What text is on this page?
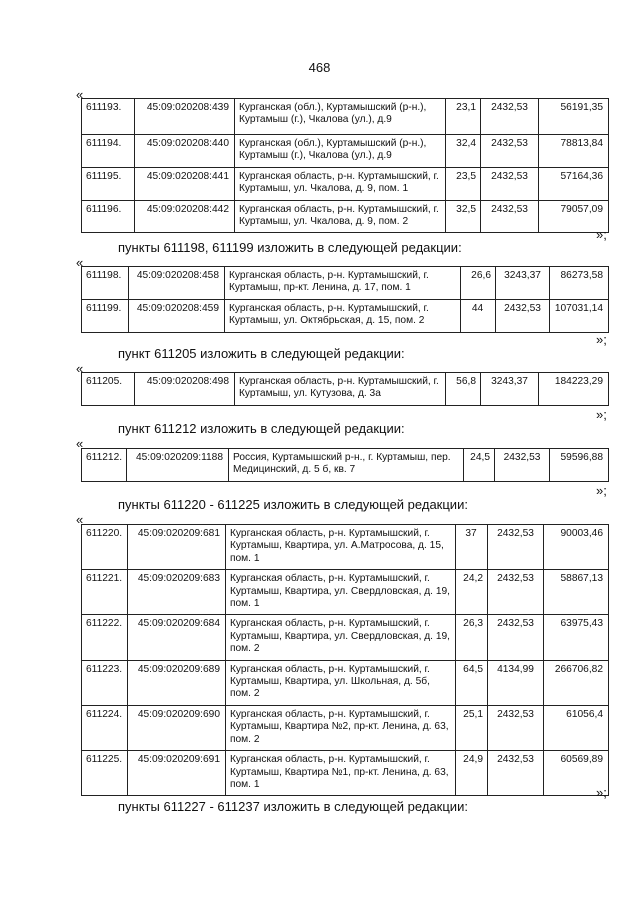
468
«
611193.	45:09:020208:439	Курганская (обл.), Куртамышский (р-н.), Куртамыш (г.), Чкалова (ул.), д.9	23,1	2432,53	56191,35
611194.	45:09:020208:440	Курганская (обл.), Куртамышский (р-н.), Куртамыш (г.), Чкалова (ул.), д.9	32,4	2432,53	78813,84
611195.	45:09:020208:441	Курганская область, р-н. Куртамышский, г. Куртамыш, ул. Чкалова, д. 9, пом. 1	23,5	2432,53	57164,36
611196.	45:09:020208:442	Курганская область, р-н. Куртамышский, г. Куртамыш, ул. Чкалова, д. 9, пом. 2	32,5	2432,53	79057,09
»;
пункты 611198, 611199 изложить в следующей редакции:
«
611198.	45:09:020208:458	Курганская область, р-н. Куртамышский, г. Куртамыш, пр-кт. Ленина, д. 17, пом. 1	26,6	3243,37	86273,58
611199.	45:09:020208:459	Курганская область, р-н. Куртамышский, г. Куртамыш, ул. Октябрьская, д. 15, пом. 2	44	2432,53	107031,14
»;
пункт 611205 изложить в следующей редакции:
«
611205.	45:09:020208:498	Курганская область, р-н. Куртамышский, г. Куртамыш, ул. Кутузова, д. 3а	56,8	3243,37	184223,29
»;
пункт 611212 изложить в следующей редакции:
«
611212.	45:09:020209:1188	Россия, Куртамышский р-н., г. Куртамыш, пер. Медицинский, д. 5 б, кв. 7	24,5	2432,53	59596,88
»;
пункты 611220 - 611225 изложить в следующей редакции:
«
611220.	45:09:020209:681	Курганская область, р-н. Куртамышский, г. Куртамыш, Квартира, ул. А.Матросова, д. 15, пом. 1	37	2432,53	90003,46
611221.	45:09:020209:683	Курганская область, р-н. Куртамышский, г. Куртамыш, Квартира, ул. Свердловская, д. 19, пом. 1	24,2	2432,53	58867,13
611222.	45:09:020209:684	Курганская область, р-н. Куртамышский, г. Куртамыш, Квартира, ул. Свердловская, д. 19, пом. 2	26,3	2432,53	63975,43
611223.	45:09:020209:689	Курганская область, р-н. Куртамышский, г. Куртамыш, Квартира, ул. Школьная, д. 5б, пом. 2	64,5	4134,99	266706,82
611224.	45:09:020209:690	Курганская область, р-н. Куртамышский, г. Куртамыш, Квартира №2, пр-кт. Ленина, д. 63, пом. 2	25,1	2432,53	61056,4
611225.	45:09:020209:691	Курганская область, р-н. Куртамышский, г. Куртамыш, Квартира №1, пр-кт. Ленина, д. 63, пом. 1	24,9	2432,53	60569,89
»;
пункты 611227 - 611237 изложить в следующей редакции:
